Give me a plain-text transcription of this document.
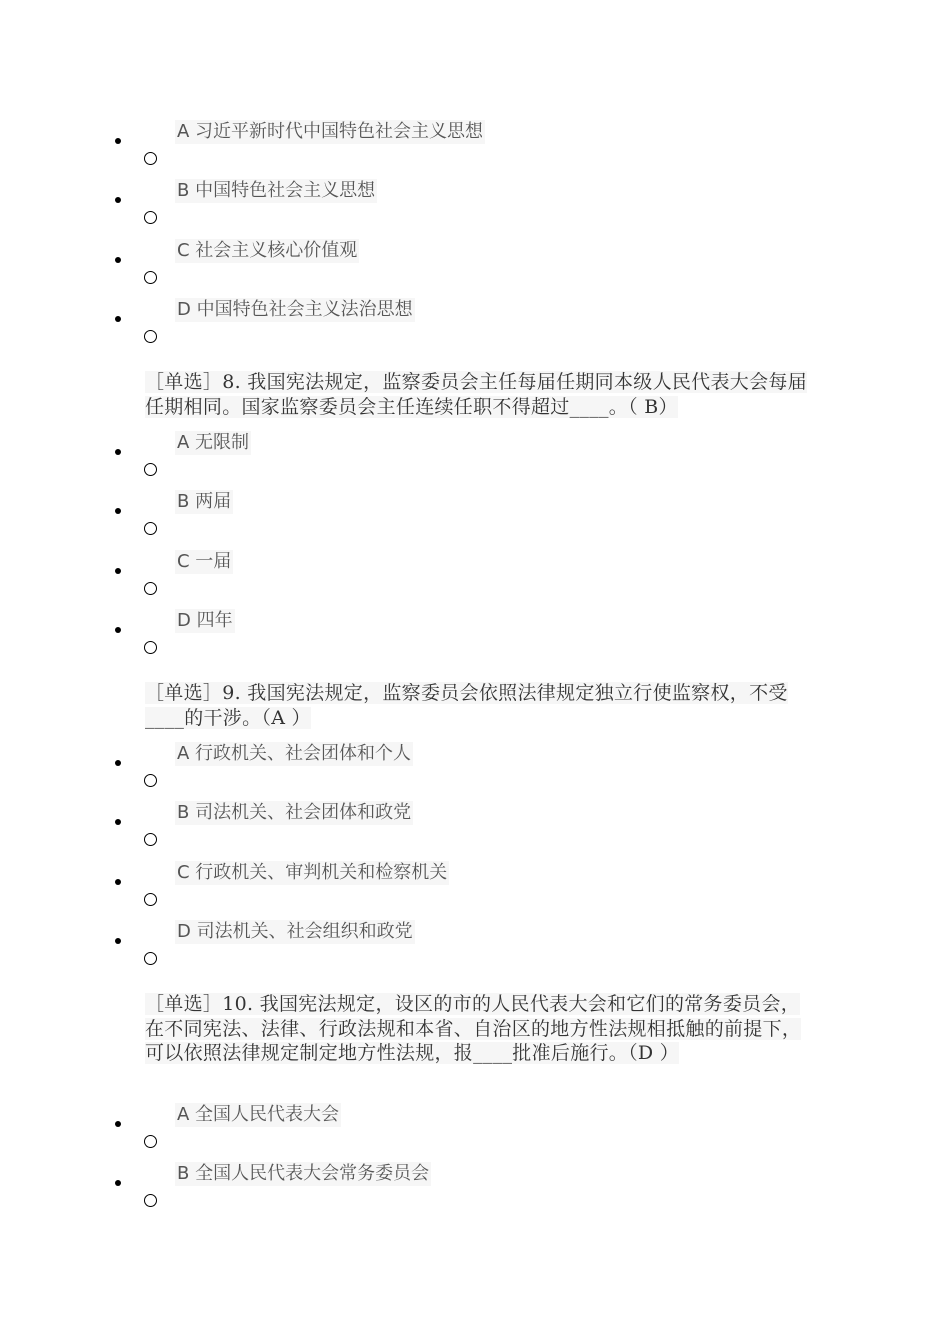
A 习近平新时代中国特色社会主义思想
B 中国特色社会主义思想
C 社会主义核心价值观
D 中国特色社会主义法治思想
［单选］8. 我国宪法规定，监察委员会主任每届任期同本级人民代表大会每届任期相同。国家监察委员会主任连续任职不得超过____。（ B）
A 无限制
B 两届
C 一届
D 四年
［单选］9. 我国宪法规定，监察委员会依照法律规定独立行使监察权，不受____的干涉。（A ）
A 行政机关、社会团体和个人
B 司法机关、社会团体和政党
C 行政机关、审判机关和检察机关
D 司法机关、社会组织和政党
［单选］10. 我国宪法规定，设区的市的人民代表大会和它们的常务委员会，在不同宪法、法律、行政法规和本省、自治区的地方性法规相抵触的前提下，可以依照法律规定制定地方性法规，报____批准后施行。（D ）
A 全国人民代表大会
B 全国人民代表大会常务委员会
